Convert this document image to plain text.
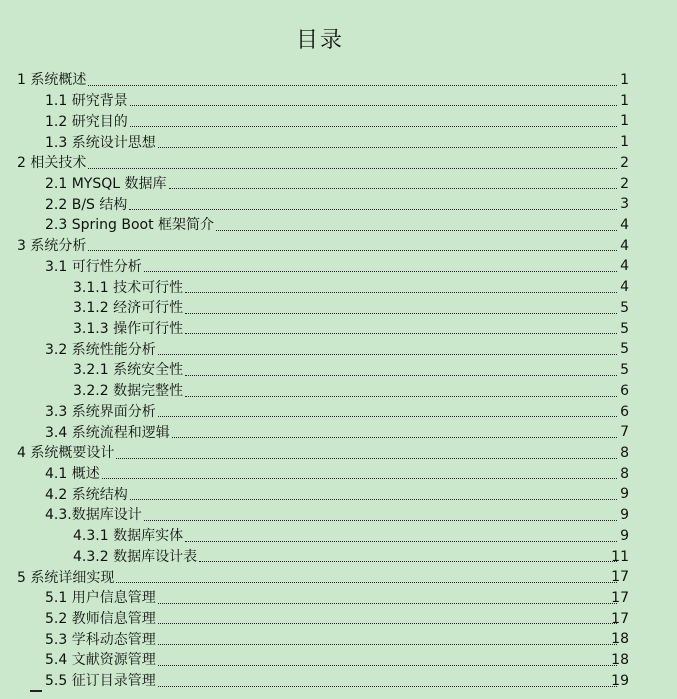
目录
1 系统概述	1
1.1 研究背景	1
1.2 研究目的	1
1.3 系统设计思想	1
2 相关技术	2
2.1 MYSQL 数据库	2
2.2 B/S 结构	3
2.3 Spring Boot 框架简介	4
3 系统分析	4
3.1 可行性分析	4
3.1.1 技术可行性	4
3.1.2 经济可行性	5
3.1.3 操作可行性	5
3.2 系统性能分析	5
3.2.1 系统安全性	5
3.2.2 数据完整性	6
3.3 系统界面分析	6
3.4 系统流程和逻辑	7
4 系统概要设计	8
4.1 概述	8
4.2 系统结构	9
4.3.数据库设计	9
4.3.1 数据库实体	9
4.3.2 数据库设计表	11
5 系统详细实现	17
5.1 用户信息管理	17
5.2 教师信息管理	17
5.3 学科动态管理	18
5.4 文献资源管理	18
5.5 征订目录管理	19
